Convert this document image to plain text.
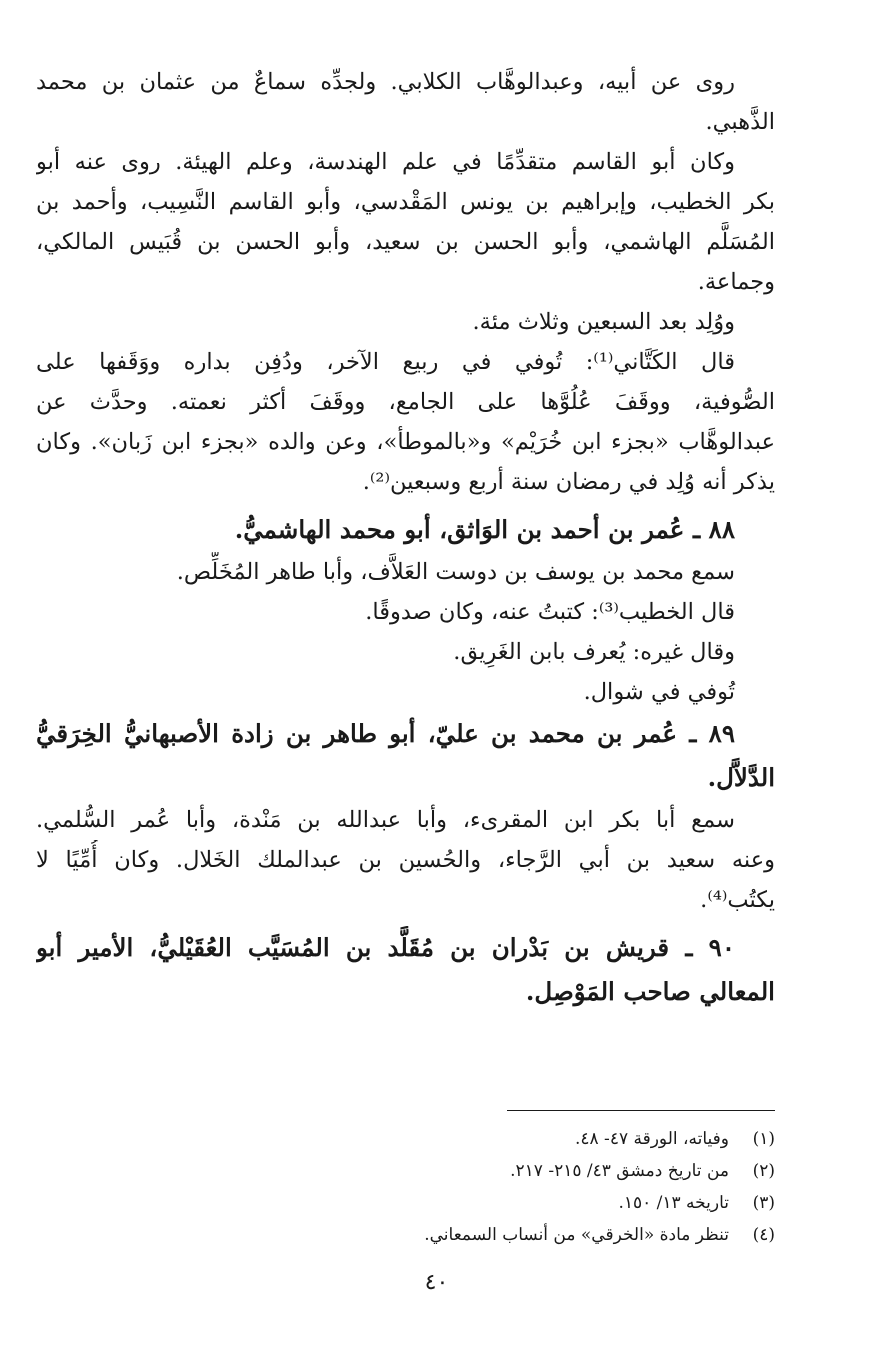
روى عن أبيه، وعبدالوهَّاب الكلابي. ولجدِّه سماعٌ من عثمان بن محمد
الذَّهبي.
وكان أبو القاسم متقدِّمًا في علم الهندسة، وعلم الهيئة. روى عنه أبو
بكر الخطيب، وإبراهيم بن يونس المَقْدسي، وأبو القاسم النَّسِيب، وأحمد بن
المُسَلَّم الهاشمي، وأبو الحسن بن سعيد، وأبو الحسن بن قُبَيس المالكي،
وجماعة.
ووُلِد بعد السبعين وثلاث مئة.
قال الكَتَّاني⁽¹⁾: تُوفي في ربيع الآخر، ودُفِن بداره ووَقَفها على
الصُّوفية، ووقَفَ عُلُوَّها على الجامع، ووقَفَ أكثر نعمته. وحدَّث عن
عبدالوهَّاب «بجزء ابن خُرَيْم» و«بالموطأ»، وعن والده «بجزء ابن زَبان». وكان
يذكر أنه وُلِد في رمضان سنة أربع وسبعين⁽²⁾.
٨٨ ـ عُمر بن أحمد بن الوَاثق، أبو محمد الهاشميُّ.
سمع محمد بن يوسف بن دوست العَلاَّف، وأبا طاهر المُخَلِّص.
قال الخطيب⁽³⁾: كتبتُ عنه، وكان صدوقًا.
وقال غيره: يُعرف بابن الغَرِيق.
تُوفي في شوال.
٨٩ ـ عُمر بن محمد بن عليّ، أبو طاهر بن زادة الأصبهانيُّ الخِرَقيُّ
الدَّلاَّل.
سمع أبا بكر ابن المقرىء، وأبا عبدالله بن مَنْدة، وأبا عُمر السُّلمي.
وعنه سعيد بن أبي الرَّجاء، والحُسين بن عبدالملك الخَلال. وكان أُمِّيًا لا
يكتُب⁽⁴⁾.
٩٠ ـ قريش بن بَدْران بن مُقَلَّد بن المُسَيَّب العُقَيْليُّ، الأمير أبو
المعالي صاحب المَوْصِل.
(١)وفياته، الورقة ٤٧- ٤٨.
(٢)من تاريخ دمشق ٤٣/ ٢١٥- ٢١٧.
(٣)تاريخه ١٣/ ١٥٠.
(٤)تنظر مادة «الخرقي» من أنساب السمعاني.
٤٠
